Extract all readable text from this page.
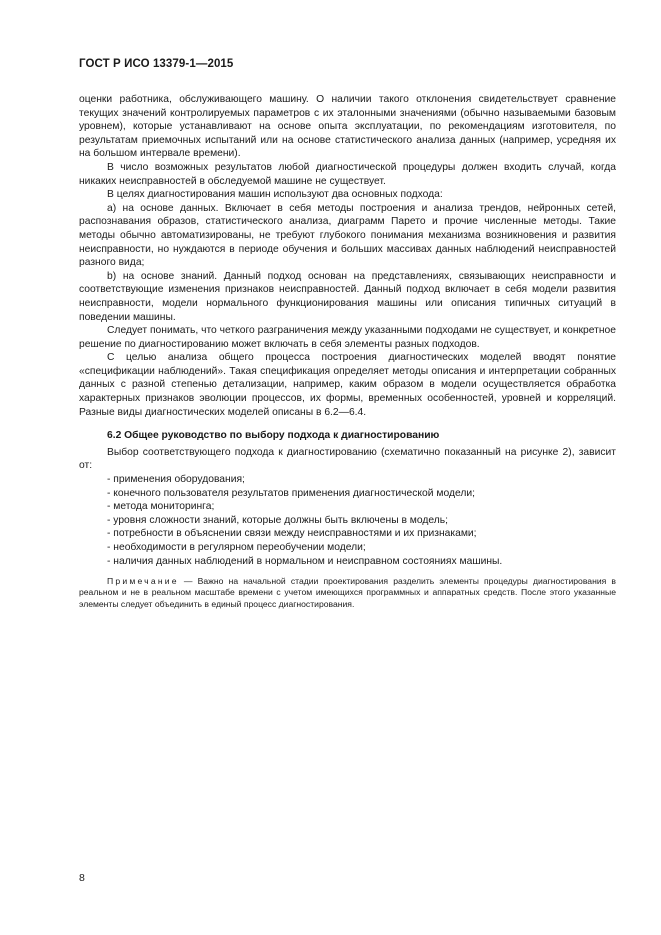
ГОСТ Р ИСО 13379-1—2015

оценки работника, обслуживающего машину. О наличии такого отклонения свидетельствует сравнение текущих значений контролируемых параметров с их эталонными значениями (обычно называемыми базовым уровнем), которые устанавливают на основе опыта эксплуатации, по рекомендациям изготовителя, по результатам приемочных испытаний или на основе статистического анализа данных (например, усредняя их на большом интервале времени).

В число возможных результатов любой диагностической процедуры должен входить случай, когда никаких неисправностей в обследуемой машине не существует.

В целях диагностирования машин используют два основных подхода:

а) на основе данных. Включает в себя методы построения и анализа трендов, нейронных сетей, распознавания образов, статистического анализа, диаграмм Парето и прочие численные методы. Такие методы обычно автоматизированы, не требуют глубокого понимания механизма возникновения и развития неисправности, но нуждаются в периоде обучения и больших массивах данных наблюдений неисправностей разного вида;

b) на основе знаний. Данный подход основан на представлениях, связывающих неисправности и соответствующие изменения признаков неисправностей. Данный подход включает в себя модели развития неисправности, модели нормального функционирования машины или описания типичных ситуаций в поведении машины.

Следует понимать, что четкого разграничения между указанными подходами не существует, и конкретное решение по диагностированию может включать в себя элементы разных подходов.

С целью анализа общего процесса построения диагностических моделей вводят понятие «спецификации наблюдений». Такая спецификация определяет методы описания и интерпретации собранных данных с разной степенью детализации, например, каким образом в модели осуществляется обработка характерных признаков эволюции процессов, их формы, временных особенностей, уровней и корреляций. Разные виды диагностических моделей описаны в 6.2—6.4.

6.2 Общее руководство по выбору подхода к диагностированию

Выбор соответствующего подхода к диагностированию (схематично показанный на рисунке 2), зависит от:

- применения оборудования;
- конечного пользователя результатов применения диагностической модели;
- метода мониторинга;
- уровня сложности знаний, которые должны быть включены в модель;
- потребности в объяснении связи между неисправностями и их признаками;
- необходимости в регулярном переобучении модели;
- наличия данных наблюдений в нормальном и неисправном состояниях машины.

Примечание — Важно на начальной стадии проектирования разделить элементы процедуры диагностирования в реальном и не в реальном масштабе времени с учетом имеющихся программных и аппаратных средств. После этого указанные элементы следует объединить в единый процесс диагностирования.

8
